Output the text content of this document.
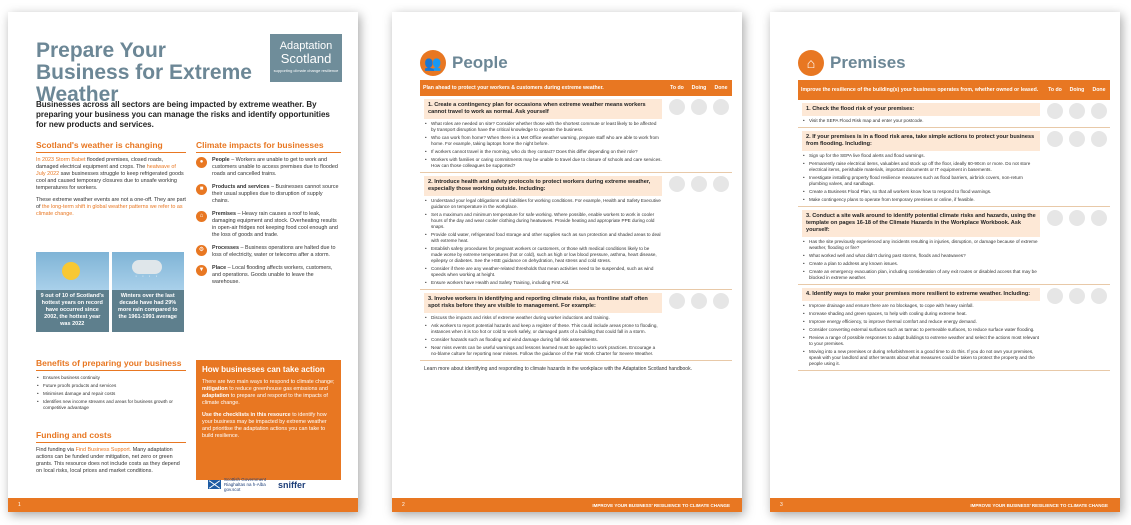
Prepare Your Business for Extreme Weather
Adaptation
Scotland
supporting climate change resilience
Businesses across all sectors are being impacted by extreme weather. By preparing your business you can manage the risks and identify opportunities for new products and services.
Scotland's weather is changing
In 2023 Storm Babet flooded premises, closed roads, damaged electrical equipment and crops. The heatwave of July 2022 saw businesses struggle to keep refrigerated goods cool and caused temporary closures due to unsafe working temperatures for workers.
These extreme weather events are not a one-off. They are part of the long-term shift in global weather patterns we refer to as climate change.
9 out of 10 of Scotland's hottest years on record have occurred since 2002, the hottest year was 2022
' ' ' '
Winters over the last decade have had 29% more rain compared to the 1961-1991 average
Benefits of preparing your business
• Ensures business continuity
• Future proofs products and services
• Minimises damage and repair costs
• Identifies new income streams and areas for business growth or competitive advantage
Funding and costs
Find funding via Find Business Support. Many adaptation actions can be funded under mitigation, net zero or green grants. This resource does not include costs as they depend on local risks, local prices and market conditions.
Climate impacts for businesses
●	People – Workers are unable to get to work and customers unable to access premises due to flooded roads and cancelled trains.
■	Products and services – Businesses cannot source their usual supplies due to disruption of supply chains.
⌂	Premises – Heavy rain causes a roof to leak, damaging equipment and stock. Overheating results in open-air fridges not keeping food cool enough and the loss of goods and trade.
⚙	Processes – Business operations are halted due to loss of electricity, water or telecoms after a storm.
▼	Place – Local flooding affects workers, customers, and operations. Goods unable to leave the warehouse.
How businesses can take action
There are two main ways to respond to climate change; mitigation to reduce greenhouse gas emissions and adaptation to prepare and respond to the impacts of climate change.
Use the checklists in this resource to identify how your business may be impacted by extreme weather and prioritise the adaptation actions you can take to build resilience.
Scottish Government
Riaghaltas na h-Alba
gov.scot	sniffer
1
👥 People
Plan ahead to protect your workers & customers during extreme weather.	To do	Doing	Done
1. Create a contingency plan for occasions when extreme weather means workers cannot travel to work as normal. Ask yourself
• What roles are needed on site? Consider whether those with the shortest commute or least likely to be affected by transport disruption have the critical knowledge to operate the business.
• Who can work from home? When there is a Met Office weather warning, prepare staff who are able to work from home. For example, taking laptops home the night before.
• If workers cannot travel in the morning, who do they contact? Does this differ depending on their role?
• Workers with families or caring commitments may be unable to travel due to closure of schools and care services. How can those colleagues be supported?
2. Introduce health and safety protocols to protect workers during extreme weather, especially those working outside. Including:
• Understand your legal obligations and liabilities for working conditions. For example, Health and Safety Executive guidance on temperature in the workplace.
• Set a maximum and minimum temperature for safe working. Where possible, enable workers to work in cooler hours of the day and wear cooler clothing during heatwaves. Provide heating and appropriate PPE during cold snaps.
• Provide cold water, refrigerated food storage and other supplies such as sun protection and shaded areas to deal with extreme heat.
• Establish safety procedures for pregnant workers or customers, or those with medical conditions likely to be made worse by extreme temperatures (hot or cold), such as high or low blood pressure, asthma, heart disease, epilepsy or diabetes. See the HSE guidance on dehydration, heat stress and cold stress.
• Consider if there are any weather-related thresholds that mean activities need to be suspended, such as wind speeds when working at height.
• Ensure workers have Health and Safety Training, including First Aid.
3. Involve workers in identifying and reporting climate risks, as frontline staff often spot risks before they are visible to management. For example:
• Discuss the impacts and risks of extreme weather during worker inductions and training.
• Ask workers to report potential hazards and keep a register of these. This could include areas prone to flooding, instances when it is too hot or cold to work safely, or damaged parts of a building that could fall in a storm.
• Consider hazards such as flooding and wind damage during fall risk assessments.
• Near miss events can be useful warnings and lessons learned must be applied to work practices. Encourage a no-blame culture for reporting near misses. Follow the guidance of the Fair Work Charter for Severe Weather.
Learn more about identifying and responding to climate hazards in the workplace with the Adaptation Scotland handbook.
2	IMPROVE YOUR BUSINESS' RESILIENCE TO CLIMATE CHANGE
⌂ Premises
Improve the resilience of the building(s) your business operates from, whether owned or leased.	To do	Doing	Done
1. Check the flood risk of your premises:
• Visit the SEPA Flood Risk map and enter your postcode.
2. If your premises is in a flood risk area, take simple actions to protect your business from flooding. Including:
• Sign up for the SEPA live flood alerts and flood warnings.
• Permanently raise electrical items, valuables and stock up off the floor, ideally 60-90cm or more. Do not store electrical items, perishable materials, important documents or IT equipment in basements.
• Investigate installing property flood resilience measures such as flood barriers, airbrick covers, non-return plumbing valves, and sandbags.
• Create a Business Flood Plan, so that all workers know how to respond to flood warnings.
• Make contingency plans to operate from temporary premises or online, if feasible.
3. Conduct a site walk around to identify potential climate risks and hazards, using the template on pages 16-18 of the Climate Hazards in the Workplace Workbook. Ask yourself:
• Has the site previously experienced any incidents resulting in injuries, disruption, or damage because of extreme weather, flooding or fire?
• What worked well and what didn't during past storms, floods and heatwaves?
• Create a plan to address any known issues.
• Create an emergency evacuation plan, including consideration of any exit routes or disabled access that may be blocked in extreme weather.
4. Identify ways to make your premises more resilient to extreme weather. Including:
• Improve drainage and ensure there are no blockages, to cope with heavy rainfall.
• Increase shading and green spaces, to help with cooling during extreme heat.
• Improve energy efficiency, to improve thermal comfort and reduce energy demand.
• Consider converting external surfaces such as tarmac to permeable surfaces, to reduce surface water flooding.
• Review a range of possible responses to adapt buildings to extreme weather and select the actions most relevant to your premises.
• Moving into a new premises or during refurbishment is a good time to do this. If you do not own your premises, speak with your landlord and other tenants about what measures could be taken to protect the property and the people using it.
3	IMPROVE YOUR BUSINESS' RESILIENCE TO CLIMATE CHANGE
